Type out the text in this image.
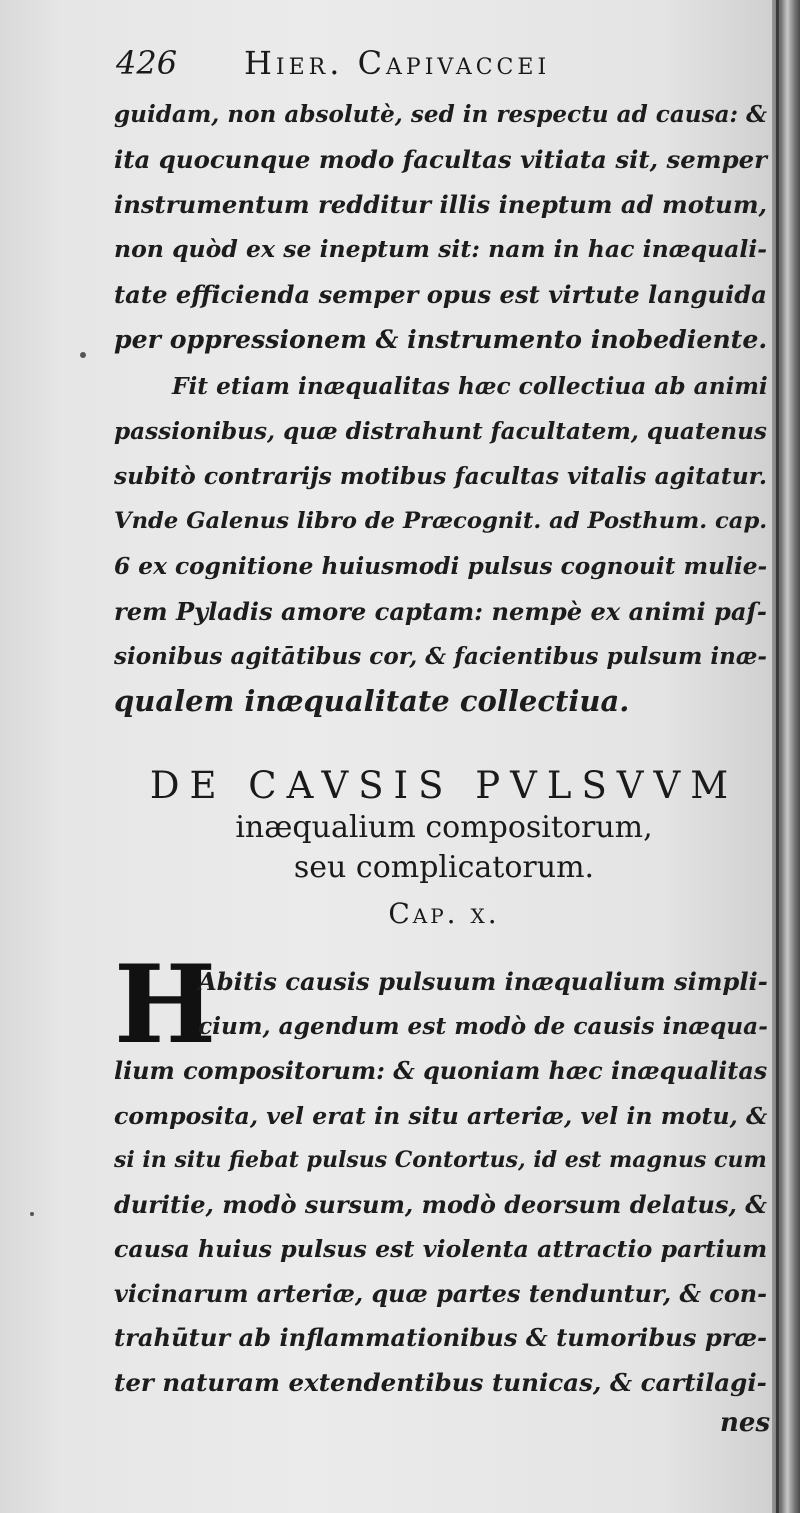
426 Hier. Capivaccei
guidam, non absolutè, sed in respectu ad causa: &
ita quocunque modo facultas vitiata sit, semper
instrumentum redditur illis ineptum ad motum,
non quòd ex se ineptum sit: nam in hac inæquali-
tate efficienda semper opus est virtute languida
per oppressionem & instrumento inobediente.
Fit etiam inæqualitas hæc collectiua ab animi
passionibus, quæ distrahunt facultatem, quatenus
subitò contrarijs motibus facultas vitalis agitatur.
Vnde Galenus libro de Præcognit. ad Posthum. cap.
6 ex cognitione huiusmodi pulsus cognouit mulie-
rem Pyladis amore captam: nempè ex animi paſ-
sionibus agitātibus cor, & facientibus pulsum inæ-
qualem inæqualitate collectiua.
DE CAVSIS PVLSVVM
inæqualium compositorum,
seu complicatorum.
Cap. x.
H
Abitis causis pulsuum inæqualium simpli-
cium, agendum est modò de causis inæqua-
lium compositorum: & quoniam hæc inæqualitas
composita, vel erat in situ arteriæ, vel in motu, &
si in situ fiebat pulsus Contortus, id est magnus cum
duritie, modò sursum, modò deorsum delatus, &
causa huius pulsus est violenta attractio partium
vicinarum arteriæ, quæ partes tenduntur, & con-
trahūtur ab inflammationibus & tumoribus præ-
ter naturam extendentibus tunicas, & cartilagi-
nes
